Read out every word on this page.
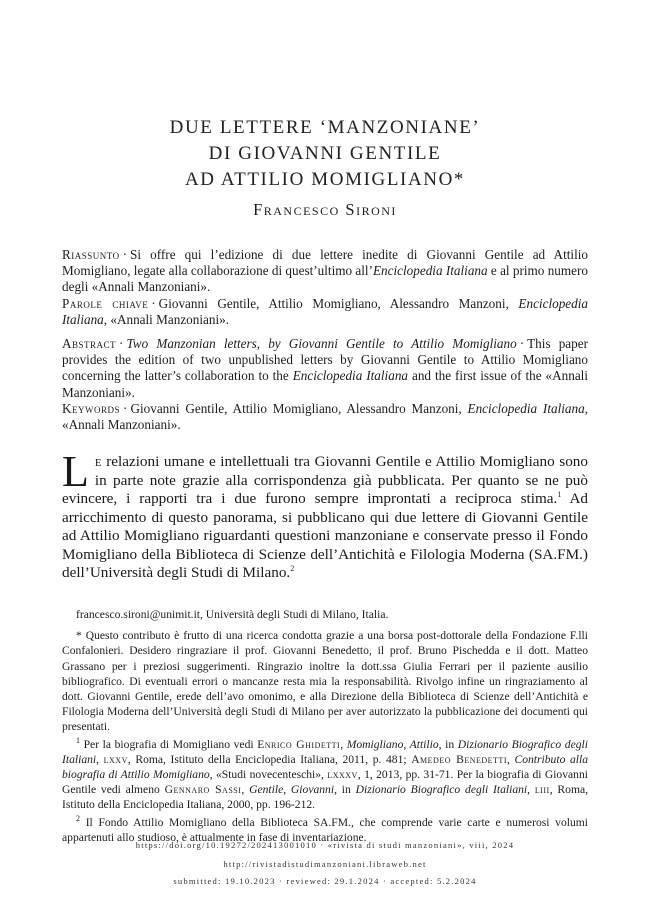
DUE LETTERE ‘MANZONIANE’
DI GIOVANNI GENTILE
AD ATTILIO MOMIGLIANO*
Francesco Sironi
Riassunto · Si offre qui l’edizione di due lettere inedite di Giovanni Gentile ad Attilio Momigliano, legate alla collaborazione di quest’ultimo all’Enciclopedia Italiana e al primo numero degli «Annali Manzoniani».
Parole chiave · Giovanni Gentile, Attilio Momigliano, Alessandro Manzoni, Enciclopedia Italiana, «Annali Manzoniani».
Abstract · Two Manzonian letters, by Giovanni Gentile to Attilio Momigliano · This paper provides the edition of two unpublished letters by Giovanni Gentile to Attilio Momigliano concerning the latter’s collaboration to the Enciclopedia Italiana and the first issue of the «Annali Manzoniani».
Keywords · Giovanni Gentile, Attilio Momigliano, Alessandro Manzoni, Enciclopedia Italiana, «Annali Manzoniani».
Le relazioni umane e intellettuali tra Giovanni Gentile e Attilio Momigliano sono in parte note grazie alla corrispondenza già pubblicata. Per quanto se ne può evincere, i rapporti tra i due furono sempre improntati a reciproca stima.$^1$ Ad arricchimento di questo panorama, si pubblicano qui due lettere di Giovanni Gentile ad Attilio Momigliano riguardanti questioni manzoniane e conservate presso il Fondo Momigliano della Biblioteca di Scienze dell’Antichità e Filologia Moderna (SA.FM.) dell’Università degli Studi di Milano.$^2$

francesco.sironi@unimit.it, Università degli Studi di Milano, Italia.

* Questo contributo è frutto di una ricerca condotta grazie a una borsa post-dottorale della Fondazione F.lli Confalonieri. Desidero ringraziare il prof. Giovanni Benedetto, il prof. Bruno Pischedda e il dott. Matteo Grassano per i preziosi suggerimenti. Ringrazio inoltre la dott.ssa Giulia Ferrari per il paziente ausilio bibliografico. Di eventuali errori o mancanze resta mia la responsabilità. Rivolgo infine un ringraziamento al dott. Giovanni Gentile, erede dell’avo omonimo, e alla Direzione della Biblioteca di Scienze dell’Antichità e Filologia Moderna dell’Università degli Studi di Milano per aver autorizzato la pubblicazione dei documenti qui presentati.

$^1$ Per la biografia di Momigliano vedi Enrico Ghidetti, Momigliano, Attilio, in Dizionario Biografico degli Italiani, lxxv, Roma, Istituto della Enciclopedia Italiana, 2011, p. 481; Amedeo Benedetti, Contributo alla biografia di Attilio Momigliano, «Studi novecenteschi», lxxxv, 1, 2013, pp. 31-71. Per la biografia di Giovanni Gentile vedi almeno Gennaro Sassi, Gentile, Giovanni, in Dizionario Biografico degli Italiani, liii, Roma, Istituto della Enciclopedia Italiana, 2000, pp. 196-212.

$^2$ Il Fondo Attilio Momigliano della Biblioteca SA.FM., che comprende varie carte e numerosi volumi appartenuti allo studioso, è attualmente in fase di inventariazione.

https://doi.org/10.19272/202413001010 · «rivista di studi manzoniani», viii, 2024
http://rivistadistudimanzoniani.libraweb.net
submitted: 19.10.2023 · reviewed: 29.1.2024 · accepted: 5.2.2024
